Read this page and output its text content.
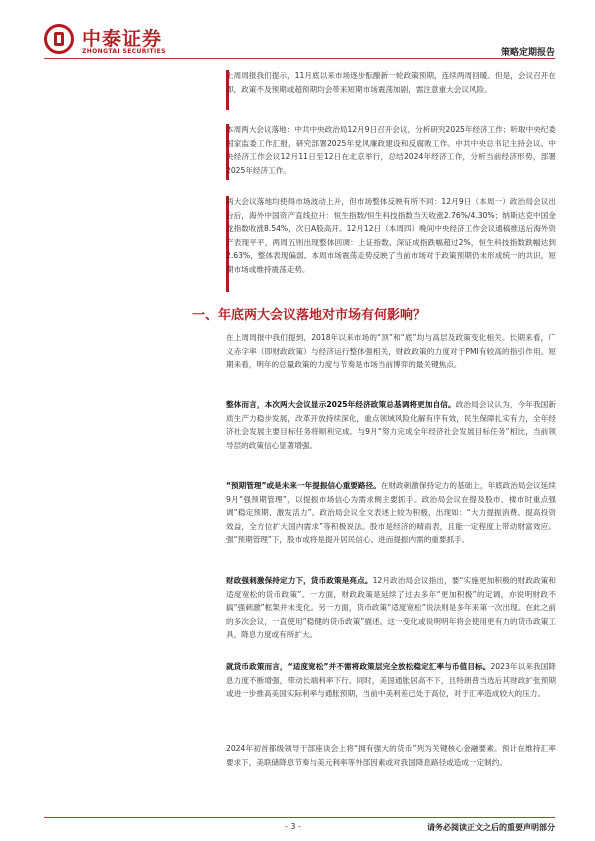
中泰证券
ZHONGTAI SECURITIES	策略定期报告

上周周报我们提示，11月底以来市场逐步酝酿新一轮政策预期，连续两周回暖。但是，会议召开在即，政策不及预期或超预期均会带来短期市场震荡加剧，需注意重大会议风险。

本周两大会议落地：中共中央政治局12月9日召开会议，分析研究2025年经济工作；听取中央纪委国家监委工作汇报，研究部署2025年党风廉政建设和反腐败工作。中共中央总书记主持会议。中央经济工作会议12月11日至12日在北京举行，总结2024年经济工作，分析当前经济形势，部署2025年经济工作。

两大会议落地均使得市场波动上升，但市场整体反映有所不同：12月9日（本周一）政治局会议出台后，海外中国资产直线拉升：恒生指数/恒生科技指数当天收涨2.76%/4.30%；纳斯达克中国金龙指数收涨8.54%，次日A股高开。12月12日（本周四）晚间中央经济工作会议通稿推送后海外资产表现平平，两周五则出现整体回调：上证指数、深证成指跌幅超过2%，恒生科技指数跌幅达到2.63%，整体表现偏弱。本周市场震荡走势反映了当前市场对于政策预期仍未形成统一的共识，短期市场或维持震荡走势。

一、年底两大会议落地对市场有何影响？

在上周周报中我们提到，2018年以来市场的“顶”和“底”均与高层及政策变化相关。长期来看，广义赤字率（即财政政策）与经济运行整体强相关，财政政策的力度对于PMI有较高的指引作用。短期来看，明年的总量政策的力度与节奏是市场当前博弈的最关键焦点。

整体而言，本次两大会议显示2025年经济政策总基调将更加自信。政治局会议认为，今年我国新质生产力稳步发展，改革开放持续深化，重点领域风险化解有序有效，民生保障扎实有力，全年经济社会发展主要目标任务将顺利完成。与9月“努力完成全年经济社会发展目标任务”相比，当前领导层的政策信心显著增强。

“预期管理”或是未来一年提振信心重要路径。在财政刺激保持定力的基础上，年底政治局会议延续9月“强预期管理”，以提振市场信心为需求侧主要抓手。政治局会议在提及股市、楼市时重点强调“稳定预期、激发活力”。政治局会议全文表述上较为积极，出现如：“大力提振消费、提高投资效益，全方位扩大国内需求”等积极说法。股市是经济的晴雨表，且能一定程度上带动财富效应。强“预期管理”下，股市或将是提升居民信心、进而提振内需的重要抓手。

财政强刺激保持定力下，货币政策是亮点。12月政治局会议指出，要“实施更加积极的财政政策和适度宽松的货币政策”。一方面，财政政策是延续了过去多年“更加积极”的定调，亦说明财政不搞“强刺激”框架并未变化。另一方面，货币政策“适度宽松”说法则是多年来第一次出现。在此之前的多次会议，一直使用“稳健的货币政策”描述。这一变化或说明明年将会使用更有力的货币政策工具，降息力度或有所扩大。

就货币政策而言，“适度宽松”并不需将政策层完全放松稳定汇率与币值目标。2023年以来我国降息力度不断增强，带动长端利率下行。同时，美国通胀居高不下，且特朗普当选后其财政扩张预期或进一步推高美国实际利率与通胀预期，当前中美利差已处于高位，对于汇率造成较大的压力。

2024年初首都级领导干部座谈会上将“拥有强大的货币”列为关键核心金融要素。预计在维持汇率要求下，美联储降息节奏与美元利率等外部因素或对我国降息路径或造成一定制约。

- 3 -	请务必阅读正文之后的重要声明部分
